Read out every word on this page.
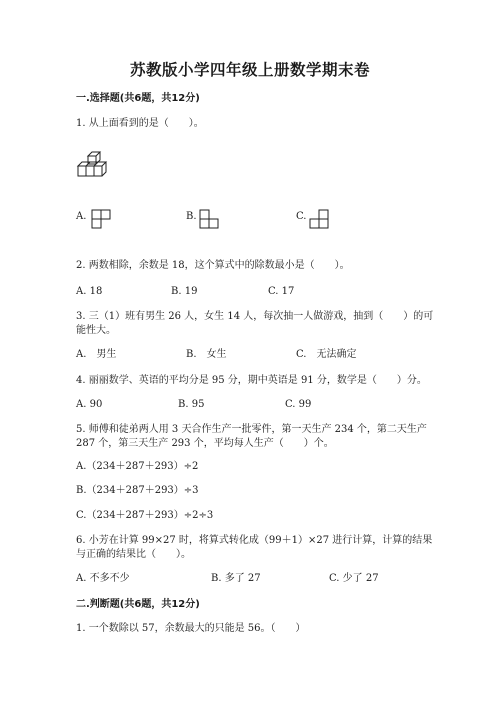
苏教版小学四年级上册数学期末卷
一.选择题(共6题，共12分)
1. 从上面看到的是（　　）。
A.	B.	C.
2. 两数相除，余数是 18，这个算式中的除数最小是（　　）。
A. 18	B. 19	C. 17
3. 三（1）班有男生 26 人，女生 14 人，每次抽一人做游戏，抽到（　　）的可
能性大。
A.　男生	B.　女生	C.　无法确定
4. 丽丽数学、英语的平均分是 95 分，期中英语是 91 分，数学是（　　）分。
A. 90	B. 95	C. 99
5. 师傅和徒弟两人用 3 天合作生产一批零件，第一天生产 234 个，第二天生产
287 个，第三天生产 293 个，平均每人生产（　　）个。
A.（234＋287＋293）÷2
B.（234＋287＋293）÷3
C.（234＋287＋293）÷2÷3
6. 小芳在计算 99×27 时，将算式转化成（99＋1）×27 进行计算，计算的结果
与正确的结果比（　　）。
A. 不多不少	B. 多了 27	C. 少了 27
二.判断题(共6题，共12分)
1. 一个数除以 57，余数最大的只能是 56。（　　）
